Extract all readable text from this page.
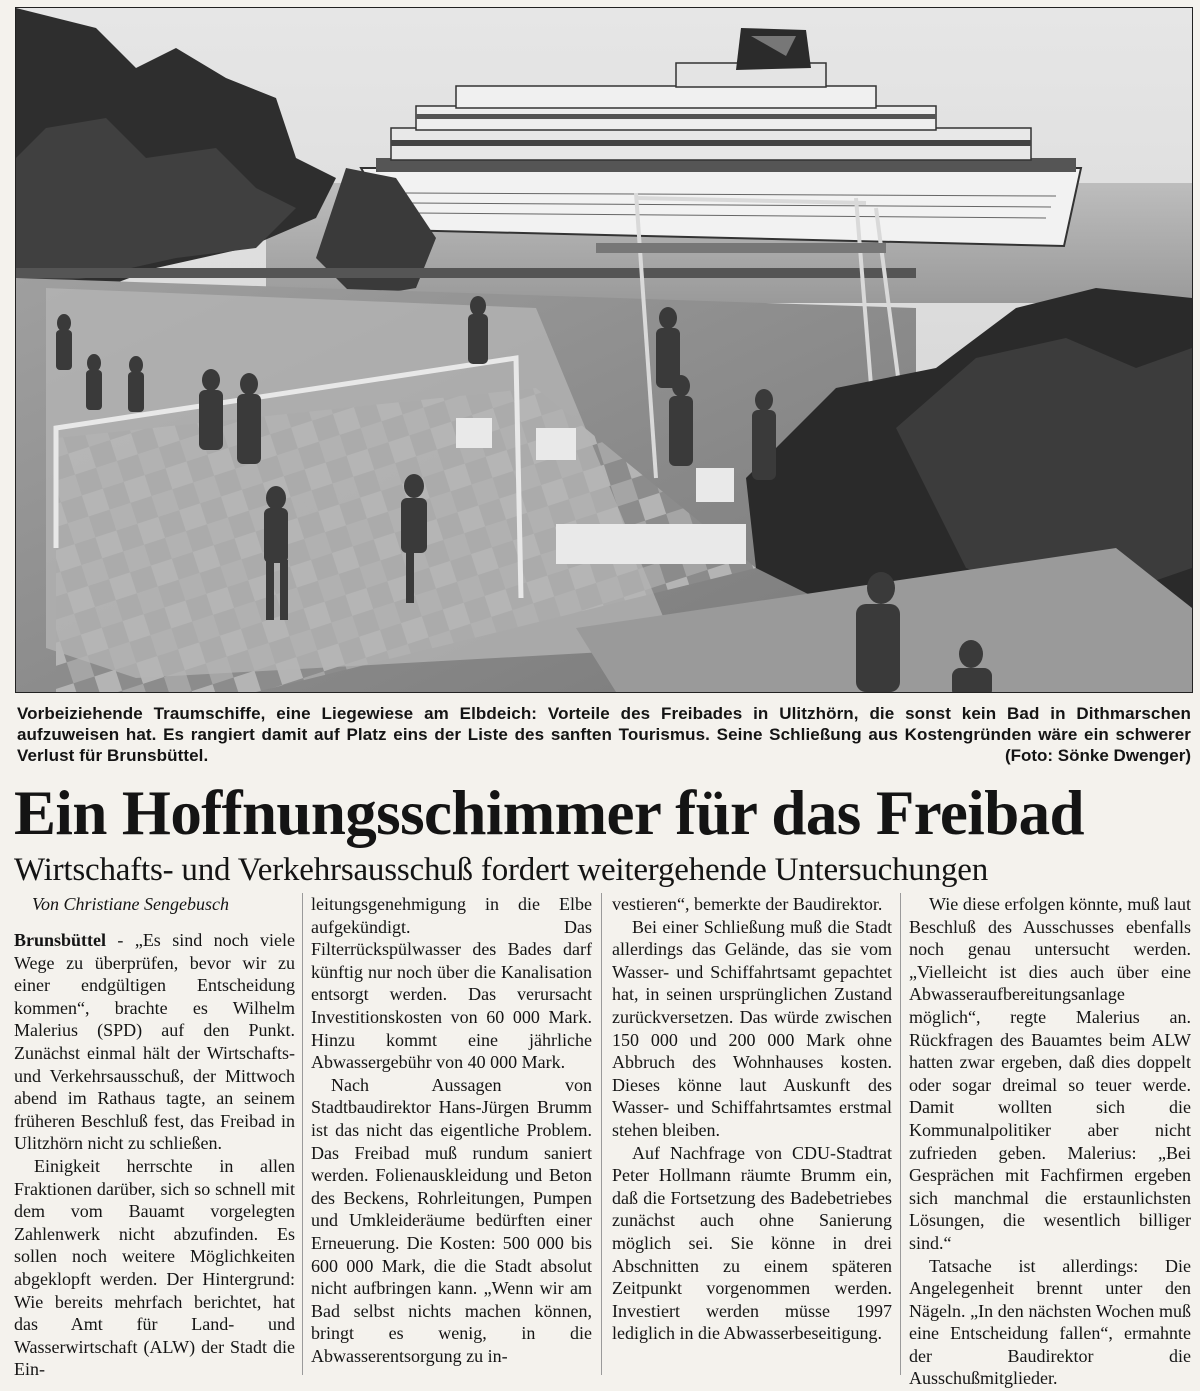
Vorbeiziehende Traumschiffe, eine Liegewiese am Elbdeich: Vorteile des Freibades in Ulitzhörn, die sonst kein Bad in Dithmarschen aufzuweisen hat. Es rangiert damit auf Platz eins der Liste des sanften Tourismus. Seine Schließung aus Kostengründen wäre ein schwerer Verlust für Brunsbüttel.	(Foto: Sönke Dwenger)
Ein Hoffnungsschimmer für das Freibad
Wirtschafts- und Verkehrsausschuß fordert weitergehende Untersuchungen
Von Christiane Sengebusch

Brunsbüttel - „Es sind noch viele Wege zu überprüfen, bevor wir zu einer endgültigen Entscheidung kommen“, brachte es Wilhelm Malerius (SPD) auf den Punkt. Zunächst einmal hält der Wirtschafts- und Verkehrsausschuß, der Mittwoch abend im Rathaus tagte, an seinem früheren Beschluß fest, das Freibad in Ulitzhörn nicht zu schließen.

Einigkeit herrschte in allen Fraktionen darüber, sich so schnell mit dem vom Bauamt vorgelegten Zahlenwerk nicht abzufinden. Es sollen noch weitere Möglichkeiten abgeklopft werden. Der Hintergrund: Wie bereits mehrfach berichtet, hat das Amt für Land- und Wasserwirtschaft (ALW) der Stadt die Ein-

leitungsgenehmigung in die Elbe aufgekündigt. Das Filterrückspülwasser des Bades darf künftig nur noch über die Kanalisation entsorgt werden. Das verursacht Investitionskosten von 60 000 Mark. Hinzu kommt eine jährliche Abwassergebühr von 40 000 Mark.

Nach Aussagen von Stadtbaudirektor Hans-Jürgen Brumm ist das nicht das eigentliche Problem. Das Freibad muß rundum saniert werden. Folienauskleidung und Beton des Beckens, Rohrleitungen, Pumpen und Umkleideräume bedürften einer Erneuerung. Die Kosten: 500 000 bis 600 000 Mark, die die Stadt absolut nicht aufbringen kann. „Wenn wir am Bad selbst nichts machen können, bringt es wenig, in die Abwasserentsorgung zu in-

vestieren“, bemerkte der Baudirektor.

Bei einer Schließung muß die Stadt allerdings das Gelände, das sie vom Wasser- und Schiffahrtsamt gepachtet hat, in seinen ursprünglichen Zustand zurückversetzen. Das würde zwischen 150 000 und 200 000 Mark ohne Abbruch des Wohnhauses kosten. Dieses könne laut Auskunft des Wasser- und Schiffahrtsamtes erstmal stehen bleiben.

Auf Nachfrage von CDU-Stadtrat Peter Hollmann räumte Brumm ein, daß die Fortsetzung des Badebetriebes zunächst auch ohne Sanierung möglich sei. Sie könne in drei Abschnitten zu einem späteren Zeitpunkt vorgenommen werden. Investiert werden müsse 1997 lediglich in die Abwasserbeseitigung.

Wie diese erfolgen könnte, muß laut Beschluß des Ausschusses ebenfalls noch genau untersucht werden. „Vielleicht ist dies auch über eine Abwasseraufbereitungsanlage möglich“, regte Malerius an. Rückfragen des Bauamtes beim ALW hatten zwar ergeben, daß dies doppelt oder sogar dreimal so teuer werde. Damit wollten sich die Kommunalpolitiker aber nicht zufrieden geben. Malerius: „Bei Gesprächen mit Fachfirmen ergeben sich manchmal die erstaunlichsten Lösungen, die wesentlich billiger sind.“

Tatsache ist allerdings: Die Angelegenheit brennt unter den Nägeln. „In den nächsten Wochen muß eine Entscheidung fallen“, ermahnte der Baudirektor die Ausschußmitglieder.
